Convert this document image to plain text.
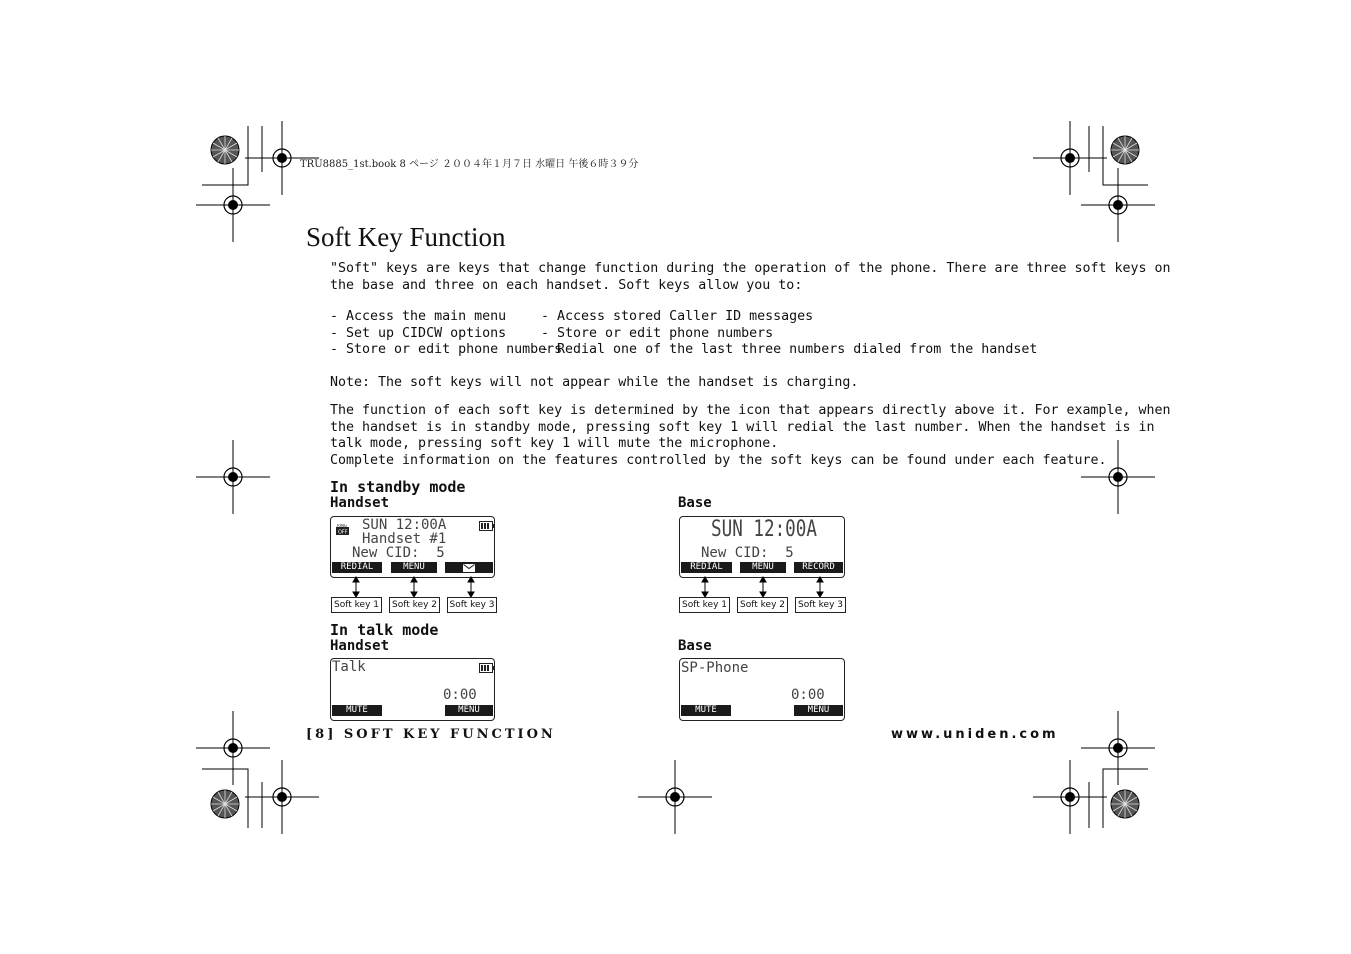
TRU8885_1st.book 8 ページ ２００４年１月７日 水曜日 午後６時３９分
Soft Key Function
"Soft" keys are keys that change function during the operation of the phone. There are three soft keys on
the base and three on each handset. Soft keys allow you to:
- Access the main menu
- Set up CIDCW options
- Store or edit phone numbers
- Access stored Caller ID messages
- Store or edit phone numbers
- Redial one of the last three numbers dialed from the handset
Note: The soft keys will not appear while the handset is charging.
The function of each soft key is determined by the icon that appears directly above it. For example, when
the handset is in standby mode, pressing soft key 1 will redial the last number. When the handset is in
talk mode, pressing soft key 1 will mute the microphone.
Complete information on the features controlled by the soft keys can be found under each feature.
In standby mode
Handset	Base
RING
OFF SUN 12:00A
Handset #1
New CID:  5
REDIAL	MENU
Soft key 1	Soft key 2	Soft key 3
SUN 12:00A
New CID:  5
REDIAL	MENU	RECORD
Soft key 1	Soft key 2	Soft key 3
In talk mode
Handset	Base
Talk
0:00
MUTE	MENU
SP-Phone
0:00
MUTE	MENU
[8] SOFT KEY FUNCTION	www.uniden.com
